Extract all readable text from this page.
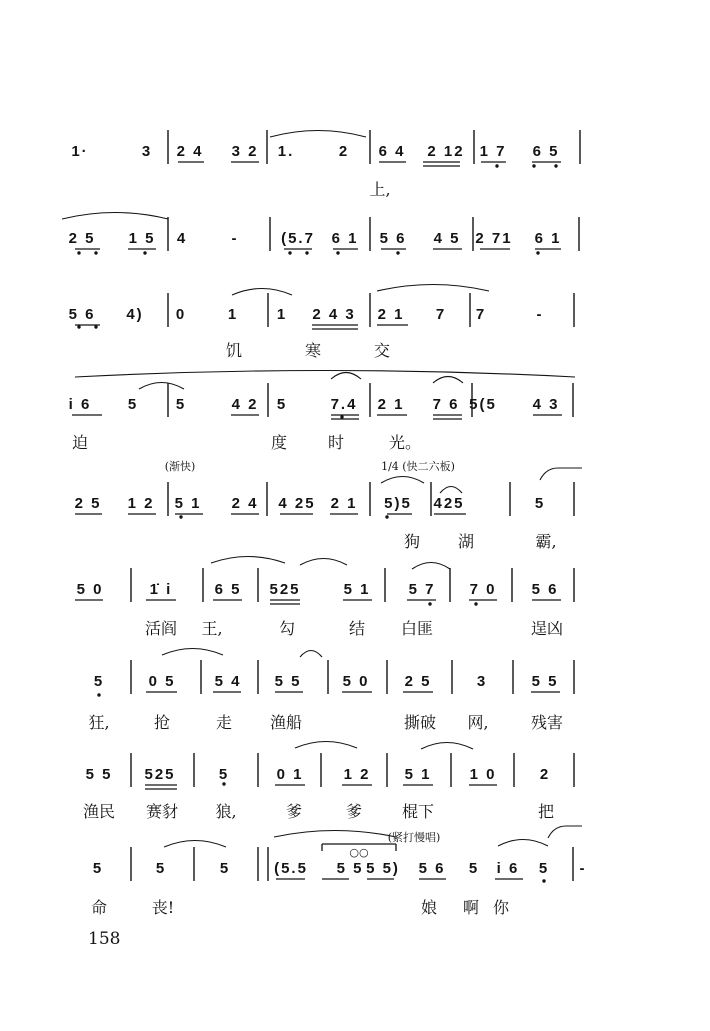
158
1·	3 2 4 3 2 1.	2 6 4 2 12 1 7 6 5
上,
2 5 1 5 4	-	(5.7 6 1 5 6 4 5 2 71 6 1
5 6 4) 0	1	1 2 4 3 2 1 7 7	-
饥	寒	交
i 6 5	5	4 2 5	7.4 2 1 7 6 5(5 4 3
迫	度	时	光。
2 5 1 2 5 1 2 4 4 25 2 1 5)5 425	5
狗 湖	霸,
(渐快)	1/4 (快二六板)
5 0	1̇ i	6 5 525	5 1	5 7 7 0 5 6
活阎 王,	勾	结 白匪	逞凶
5	0 5	5 4 5 5	5 0 2 5	3	5 5
狂,	抢	走 渔船	撕破 网,	残害
5 5 525	5	0 1	1 2 5 1	1 0	2
渔民 赛豺 狼,	爹	爹 棍下	把
(紧打慢唱)
5	5	5	(5.5 5 5 5 5) 5 6 5 i 6 5 -
命	丧!	娘 啊 你
○○
